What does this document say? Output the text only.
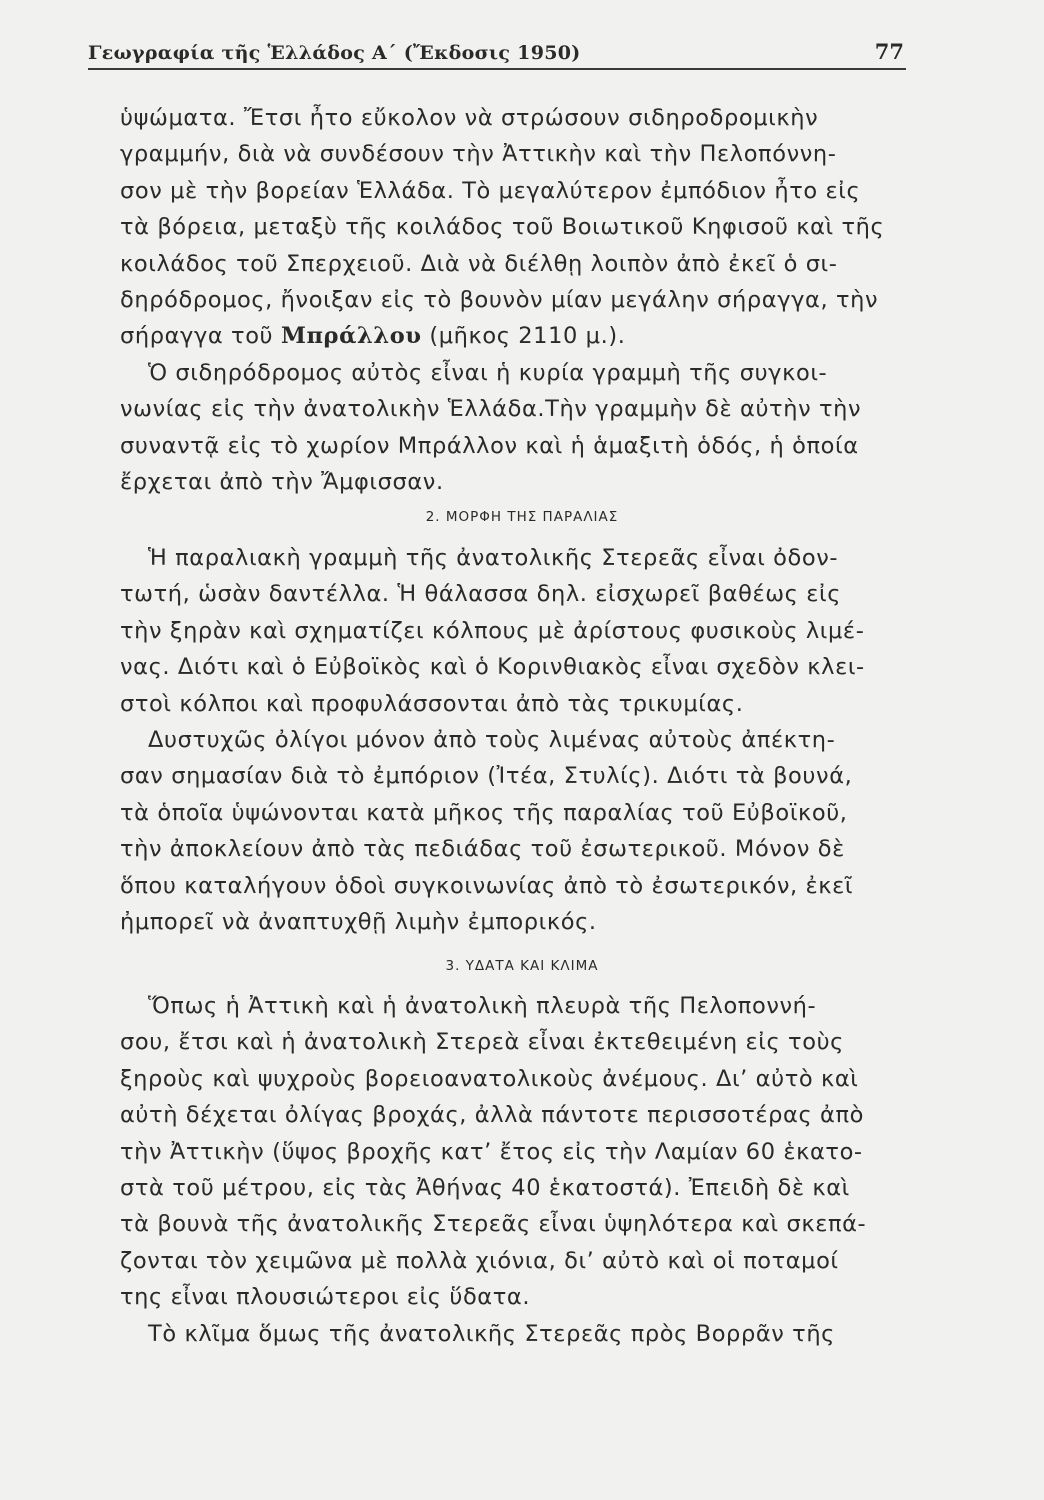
Γεωγραφία τῆς Ἑλλάδος Α΄ (Ἔκδοσις 1950)	77
ὑψώματα. Ἔτσι ἦτο εὔκολον νὰ στρώσουν σιδηροδρομικὴν
γραμμήν, διὰ νὰ συνδέσουν τὴν Ἀττικὴν καὶ τὴν Πελοπόννη-
σον μὲ τὴν βορείαν Ἑλλάδα. Τὸ μεγαλύτερον ἐμπόδιον ἦτο εἰς
τὰ βόρεια, μεταξὺ τῆς κοιλάδος τοῦ Βοιωτικοῦ Κηφισοῦ καὶ τῆς
κοιλάδος τοῦ Σπερχειοῦ. Διὰ νὰ διέλθῃ λοιπὸν ἀπὸ ἐκεῖ ὁ σι-
δηρόδρομος, ἤνοιξαν εἰς τὸ βουνὸν μίαν μεγάλην σήραγγα, τὴν
σήραγγα τοῦ Μπράλλου (μῆκος 2110 μ.).
Ὁ σιδηρόδρομος αὐτὸς εἶναι ἡ κυρία γραμμὴ τῆς συγκοι-
νωνίας εἰς τὴν ἀνατολικὴν Ἑλλάδα.Τὴν γραμμὴν δὲ αὐτὴν τὴν
συναντᾷ εἰς τὸ χωρίον Μπράλλον καὶ ἡ ἁμαξιτὴ ὁδός, ἡ ὁποία
ἔρχεται ἀπὸ τὴν Ἄμφισσαν.
2. ΜΟΡΦΗ ΤΗΣ ΠΑΡΑΛΙΑΣ
Ἡ παραλιακὴ γραμμὴ τῆς ἀνατολικῆς Στερεᾶς εἶναι ὀδον-
τωτή, ὡσὰν δαντέλλα. Ἡ θάλασσα δηλ. εἰσχωρεῖ βαθέως εἰς
τὴν ξηρὰν καὶ σχηματίζει κόλπους μὲ ἀρίστους φυσικοὺς λιμέ-
νας. Διότι καὶ ὁ Εὐβοϊκὸς καὶ ὁ Κορινθιακὸς εἶναι σχεδὸν κλει-
στοὶ κόλποι καὶ προφυλάσσονται ἀπὸ τὰς τρικυμίας.
Δυστυχῶς ὀλίγοι μόνον ἀπὸ τοὺς λιμένας αὐτοὺς ἀπέκτη-
σαν σημασίαν διὰ τὸ ἐμπόριον (Ἰτέα, Στυλίς). Διότι τὰ βουνά,
τὰ ὁποῖα ὑψώνονται κατὰ μῆκος τῆς παραλίας τοῦ Εὐβοϊκοῦ,
τὴν ἀποκλείουν ἀπὸ τὰς πεδιάδας τοῦ ἐσωτερικοῦ. Μόνον δὲ
ὅπου καταλήγουν ὁδοὶ συγκοινωνίας ἀπὸ τὸ ἐσωτερικόν, ἐκεῖ
ἠμπορεῖ νὰ ἀναπτυχθῇ λιμὴν ἐμπορικός.
3. ΥΔΑΤΑ ΚΑΙ ΚΛΙΜΑ
Ὅπως ἡ Ἀττικὴ καὶ ἡ ἀνατολικὴ πλευρὰ τῆς Πελοποννή-
σου, ἔτσι καὶ ἡ ἀνατολικὴ Στερεὰ εἶναι ἐκτεθειμένη εἰς τοὺς
ξηροὺς καὶ ψυχροὺς βορειοανατολικοὺς ἀνέμους. Δι’ αὐτὸ καὶ
αὐτὴ δέχεται ὀλίγας βροχάς, ἀλλὰ πάντοτε περισσοτέρας ἀπὸ
τὴν Ἀττικὴν (ὕψος βροχῆς κατ’ ἔτος εἰς τὴν Λαμίαν 60 ἑκατο-
στὰ τοῦ μέτρου, εἰς τὰς Ἀθήνας 40 ἑκατοστά). Ἐπειδὴ δὲ καὶ
τὰ βουνὰ τῆς ἀνατολικῆς Στερεᾶς εἶναι ὑψηλότερα καὶ σκεπά-
ζονται τὸν χειμῶνα μὲ πολλὰ χιόνια, δι’ αὐτὸ καὶ οἱ ποταμοί
της εἶναι πλουσιώτεροι εἰς ὕδατα.
Τὸ κλῖμα ὅμως τῆς ἀνατολικῆς Στερεᾶς πρὸς Βορρᾶν τῆς
